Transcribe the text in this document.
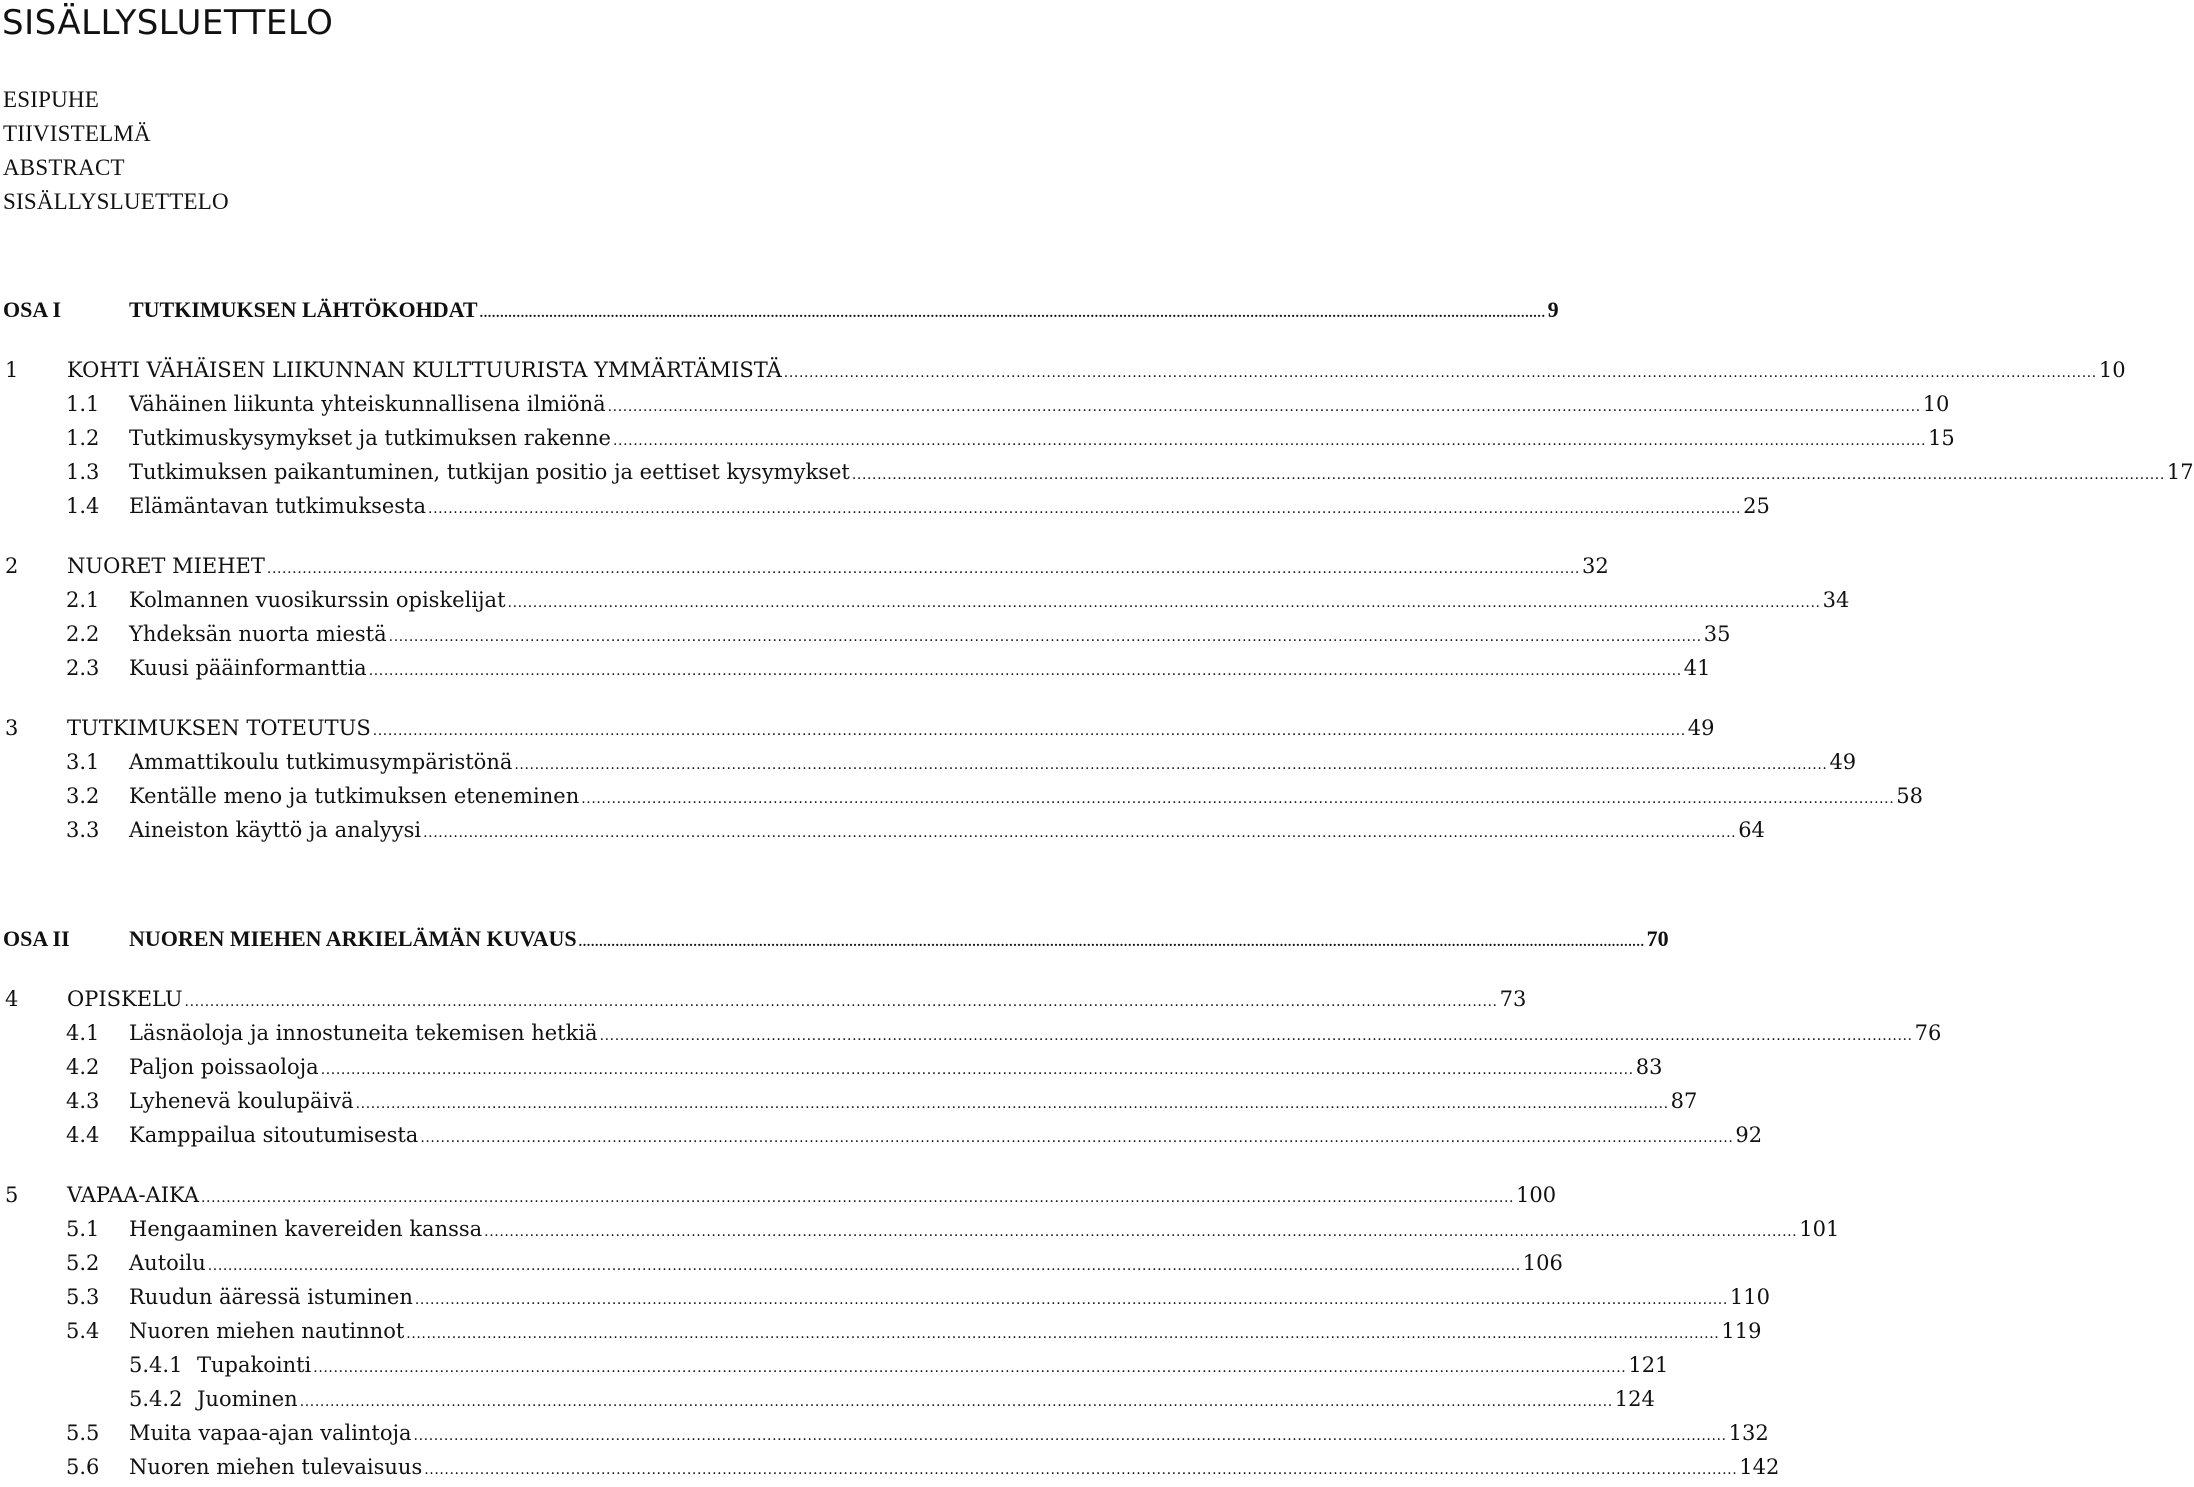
SISÄLLYSLUETTELO
ESIPUHE
TIIVISTELMÄ
ABSTRACT
SISÄLLYSLUETTELO
OSA I	TUTKIMUKSEN LÄHTÖKOHDAT .................................................................................................................................................................................................................................................................... 9
1 KOHTI VÄHÄISEN LIIKUNNAN KULTTUURISTA YMMÄRTÄMISTÄ .................................................................................................................................................................................................................................................................... 10
1.1 Vähäinen liikunta yhteiskunnallisena ilmiönä .................................................................................................................................................................................................................................................................... 10
1.2 Tutkimuskysymykset ja tutkimuksen rakenne .................................................................................................................................................................................................................................................................... 15
1.3 Tutkimuksen paikantuminen, tutkijan positio ja eettiset kysymykset .................................................................................................................................................................................................................................................................... 17
1.4 Elämäntavan tutkimuksesta .................................................................................................................................................................................................................................................................... 25
2 NUORET MIEHET .................................................................................................................................................................................................................................................................... 32
2.1 Kolmannen vuosikurssin opiskelijat .................................................................................................................................................................................................................................................................... 34
2.2 Yhdeksän nuorta miestä .................................................................................................................................................................................................................................................................... 35
2.3 Kuusi pääinformanttia .................................................................................................................................................................................................................................................................... 41
3 TUTKIMUKSEN TOTEUTUS .................................................................................................................................................................................................................................................................... 49
3.1 Ammattikoulu tutkimusympäristönä .................................................................................................................................................................................................................................................................... 49
3.2 Kentälle meno ja tutkimuksen eteneminen .................................................................................................................................................................................................................................................................... 58
3.3 Aineiston käyttö ja analyysi .................................................................................................................................................................................................................................................................... 64
OSA II	NUOREN MIEHEN ARKIELÄMÄN KUVAUS .................................................................................................................................................................................................................................................................... 70
4 OPISKELU .................................................................................................................................................................................................................................................................... 73
4.1 Läsnäoloja ja innostuneita tekemisen hetkiä .................................................................................................................................................................................................................................................................... 76
4.2 Paljon poissaoloja .................................................................................................................................................................................................................................................................... 83
4.3 Lyhenevä koulupäivä .................................................................................................................................................................................................................................................................... 87
4.4 Kamppailua sitoutumisesta .................................................................................................................................................................................................................................................................... 92
5 VAPAA-AIKA .................................................................................................................................................................................................................................................................... 100
5.1 Hengaaminen kavereiden kanssa .................................................................................................................................................................................................................................................................... 101
5.2 Autoilu .................................................................................................................................................................................................................................................................... 106
5.3 Ruudun ääressä istuminen .................................................................................................................................................................................................................................................................... 110
5.4 Nuoren miehen nautinnot .................................................................................................................................................................................................................................................................... 119
5.4.1 Tupakointi .................................................................................................................................................................................................................................................................... 121
5.4.2 Juominen .................................................................................................................................................................................................................................................................... 124
5.5 Muita vapaa-ajan valintoja .................................................................................................................................................................................................................................................................... 132
5.6 Nuoren miehen tulevaisuus .................................................................................................................................................................................................................................................................... 142
